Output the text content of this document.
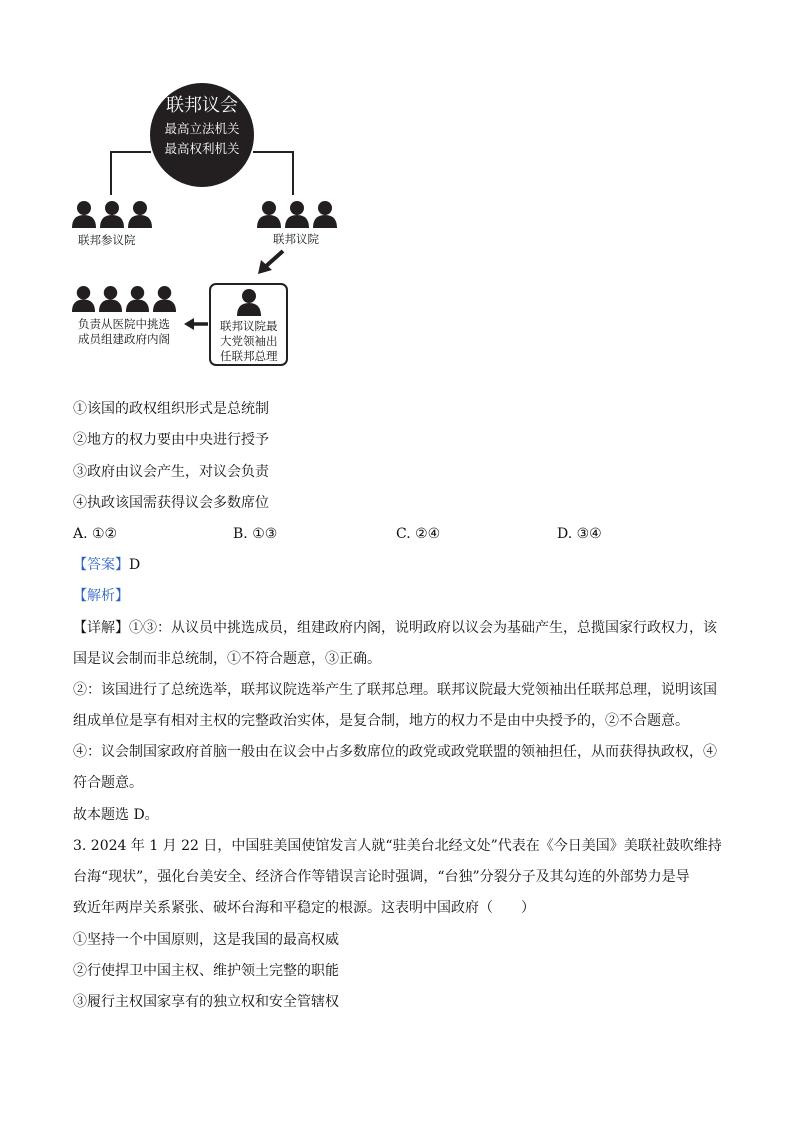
联邦议会
最高立法机关
最高权利机关
联邦参议院	联邦议院
联邦议院最
大党领袖出
任联邦总理
负责从医院中挑选
成员组建政府内阁
①该国的政权组织形式是总统制
②地方的权力要由中央进行授予
③政府由议会产生，对议会负责
④执政该国需获得议会多数席位
A. ①②	B. ①③	C. ②④	D. ③④
【答案】D
【解析】
【详解】①③：从议员中挑选成员，组建政府内阁，说明政府以议会为基础产生，总揽国家行政权力，该
国是议会制而非总统制，①不符合题意，③正确。
②：该国进行了总统选举，联邦议院选举产生了联邦总理。联邦议院最大党领袖出任联邦总理，说明该国
组成单位是享有相对主权的完整政治实体，是复合制，地方的权力不是由中央授予的，②不合题意。
④：议会制国家政府首脑一般由在议会中占多数席位的政党或政党联盟的领袖担任，从而获得执政权，④
符合题意。
故本题选 D。
3. 2024 年 1 月 22 日，中国驻美国使馆发言人就“驻美台北经文处”代表在《今日美国》美联社鼓吹维持
台海“现状”，强化台美安全、经济合作等错误言论时强调，“台独”分裂分子及其勾连的外部势力是导
致近年两岸关系紧张、破坏台海和平稳定的根源。这表明中国政府（　　）
①坚持一个中国原则，这是我国的最高权威
②行使捍卫中国主权、维护领土完整的职能
③履行主权国家享有的独立权和安全管辖权
